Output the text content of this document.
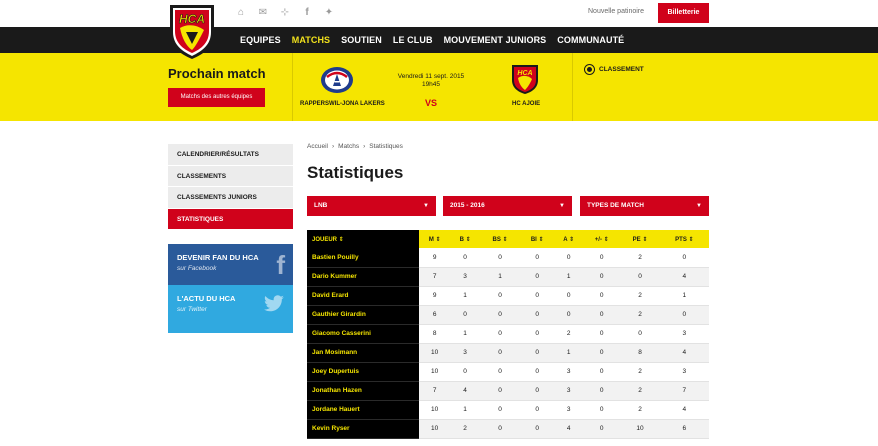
⌂ ✉ ⊹	f	✦	Nouvelle patinoire	Billetterie
EQUIPES MATCHS SOUTIEN LE CLUB MOUVEMENT JUNIORS COMMUNAUTÉ
HCA
Prochain match
Matchs des autres équipes
RAPPERSWIL-JONA LAKERS
Vendredi 11 sept. 2015
19h45
VS
HCA
HC AJOIE
CLASSEMENT
CALENDRIER/RÉSULTATS
CLASSEMENTS
CLASSEMENTS JUNIORS
STATISTIQUES
DEVENIR FAN DU HCA
sur Facebook	f
L'ACTU DU HCA
sur Twitter
Accueil › Matchs › Statistiques
Statistiques
LNB	▼	2015 - 2016	▼	TYPES DE MATCH	▼
JOUEUR ⇕	M ⇕	B ⇕	BS ⇕	BI ⇕	A ⇕	+/- ⇕	PE ⇕	PTS ⇕
Bastien Pouilly	9	0	0	0	0	0	2	0
Dario Kummer	7	3	1	0	1	0	0	4
David Erard	9	1	0	0	0	0	2	1
Gauthier Girardin	6	0	0	0	0	0	2	0
Giacomo Casserini	8	1	0	0	2	0	0	3
Jan Mosimann	10	3	0	0	1	0	8	4
Joey Dupertuis	10	0	0	0	3	0	2	3
Jonathan Hazen	7	4	0	0	3	0	2	7
Jordane Hauert	10	1	0	0	3	0	2	4
Kevin Ryser	10	2	0	0	4	0	10	6
